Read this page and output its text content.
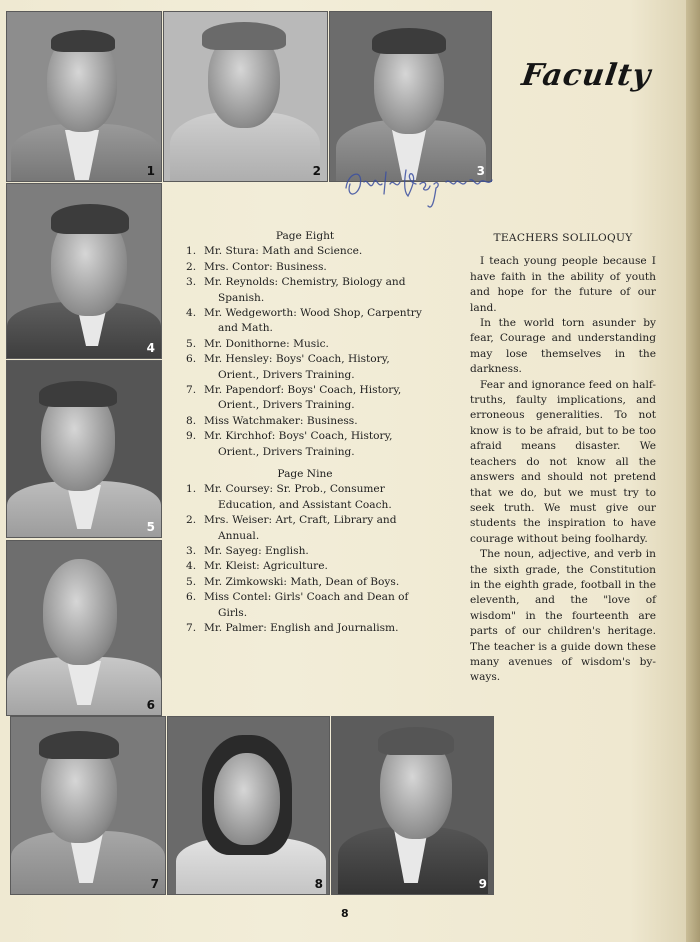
1	2	3
4
5
6
7	8	9
Faculty
Page Eight
1. Mr. Stura: Math and Science.
2. Mrs. Contor: Business.
3. Mr. Reynolds: Chemistry, Biology and Spanish.
4. Mr. Wedgeworth: Wood Shop, Carpentry and Math.
5. Mr. Donithorne: Music.
6. Mr. Hensley: Boys' Coach, History, Orient., Drivers Training.
7. Mr. Papendorf: Boys' Coach, History, Orient., Drivers Training.
8. Miss Watchmaker: Business.
9. Mr. Kirchhof: Boys' Coach, History, Orient., Drivers Training.
Page Nine
1. Mr. Coursey: Sr. Prob., Consumer Education, and Assistant Coach.
2. Mrs. Weiser: Art, Craft, Library and Annual.
3. Mr. Sayeg: English.
4. Mr. Kleist: Agriculture.
5. Mr. Zimkowski: Math, Dean of Boys.
6. Miss Contel: Girls' Coach and Dean of Girls.
7. Mr. Palmer: English and Journalism.
TEACHERS SOLILOQUY

I teach young people because I have faith in the ability of youth and hope for the future of our land.

In the world torn asunder by fear, Courage and understanding may lose themselves in the darkness.

Fear and ignorance feed on half-truths, faulty implications, and erroneous generalities. To not know is to be afraid, but to be too afraid means disaster. We teachers do not know all the answers and should not pretend that we do, but we must try to seek truth. We must give our students the inspiration to have courage without being foolhardy.

The noun, adjective, and verb in the sixth grade, the Constitution in the eighth grade, football in the eleventh, and the "love of wisdom" in the fourteenth are parts of our children's heritage. The teacher is a guide down these many avenues of wisdom's by-ways.

8
